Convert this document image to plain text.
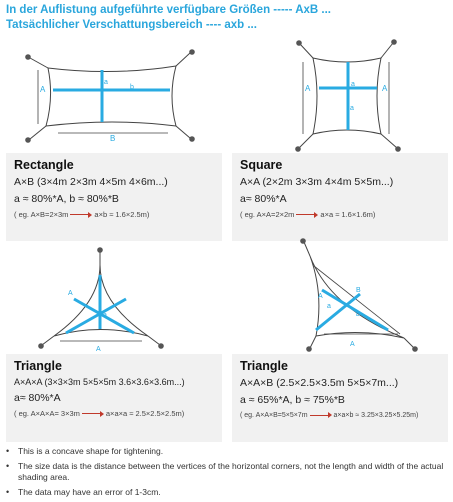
In der Auflistung aufgeführte verfügbare Größen ----- AxB ...
Tatsächlicher Verschattungsbereich ---- axb ...
A
B
a
b	A	A
a
a
Rectangle
A×B (3×4m 2×3m 4×5m 4×6m...)
a ≈ 80%*A, b ≈ 80%*B
( eg. A×B=2×3m	a×b ≈ 1.6×2.5m)
Square
A×A (2×2m 3×3m 4×4m 5×5m...)
a≈ 80%*A
( eg. A×A=2×2m	a×a ≈ 1.6×1.6m)
A
A
a
A
B
A
a
b
Triangle
A×A×A (3×3×3m 5×5×5m 3.6×3.6×3.6m...)
a≈ 80%*A
( eg. A×A×A= 3×3m	a×a×a ≈ 2.5×2.5×2.5m)
Triangle
A×A×B (2.5×2.5×3.5m 5×5×7m...)
a ≈ 65%*A, b ≈ 75%*B
( eg. A×A×B=5×5×7m	a×a×b ≈ 3.25×3.25×5.25m)
•	This is a concave shape for tightening.
•	The size data is the distance between the vertices of the horizontal corners, not the length and width of the actual shading area.
•	The data may have an error of 1-3cm.
